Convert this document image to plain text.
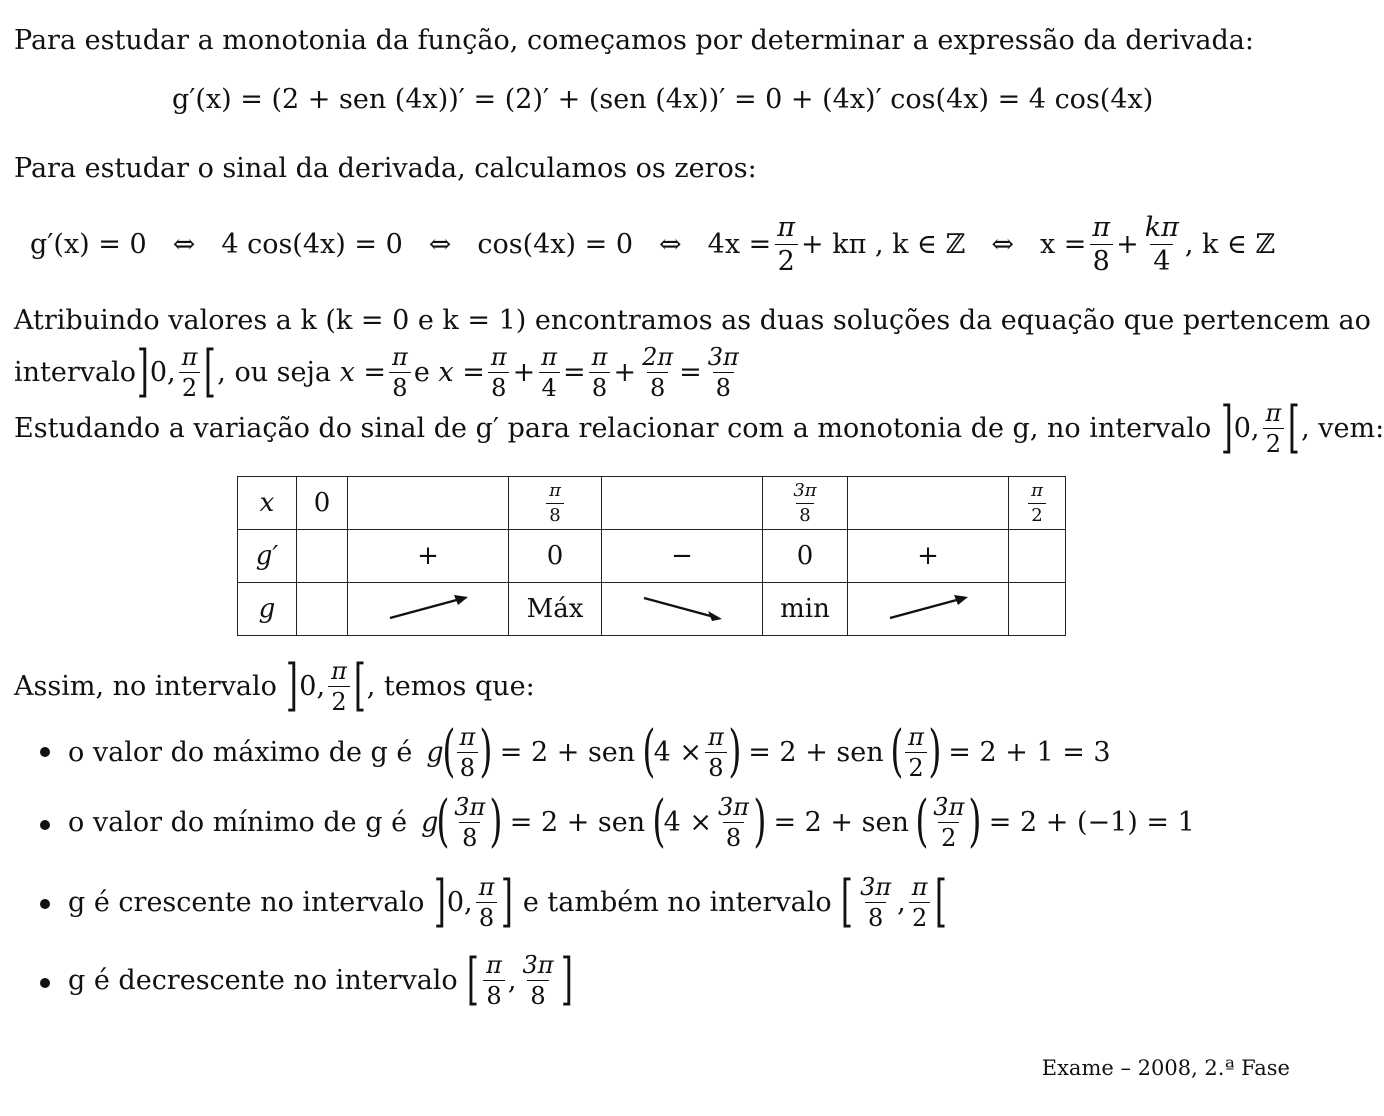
Para estudar a monotonia da função, começamos por determinar a expressão da derivada:
g′(x) = (2 + sen (4x))′ = (2)′ + (sen (4x))′ = 0 + (4x)′ cos(4x) = 4 cos(4x)
Para estudar o sinal da derivada, calculamos os zeros:
g′(x) = 0 ⇔ 4 cos(4x) = 0 ⇔ cos(4x) = 0 ⇔ $4x = \frac{\pi}{2} + k\pi$ , k ∈ ℤ ⇔ $x = \frac{\pi}{8} + \frac{k\pi}{4}$ , k ∈ ℤ
Atribuindo valores a k (k = 0 e k = 1) encontramos as duas soluções da equação que pertencem ao
intervalo ] 0, $\frac{\pi}{2}$ [ , ou seja
$x = \frac{\pi}{8}$ e
$x = \frac{\pi}{8} + \frac{\pi}{4} = \frac{\pi}{8} + \frac{2\pi}{8} = \frac{3\pi}{8}$
Estudando a variação do sinal de g′ para relacionar com a monotonia de g, no intervalo
] 0, $\frac{\pi}{2}$ [ , vem:
x	0		$\frac{\pi}{8}$		$\frac{3\pi}{8}$		$\frac{\pi}{2}$

g′		+	0	−	0	+	
g			Máx		min		
Assim, no intervalo
] 0, $\frac{\pi}{2}$ [ , temos que:
o valor do máximo de g é g
( $\frac{\pi}{8}$ )
= 2 + sen
(
$4 \times \frac{\pi}{8}$ )
= 2 + sen
( $\frac{\pi}{2}$ )
= 2 + 1 = 3
o valor do mínimo de g é g
( $\frac{3\pi}{8}$ )
= 2 + sen
(
$4 \times \frac{3\pi}{8}$ )
= 2 + sen
( $\frac{3\pi}{2}$ )
= 2 + (−1) = 1
g é crescente no intervalo
] 0, $\frac{\pi}{8}$ ]
e também no intervalo
[ $\frac{3\pi}{8}$ , $\frac{\pi}{2}$ [
g é decrescente no intervalo
[ $\frac{\pi}{8}$ , $\frac{3\pi}{8}$ ]
Exame – 2008, 2.ª Fase
